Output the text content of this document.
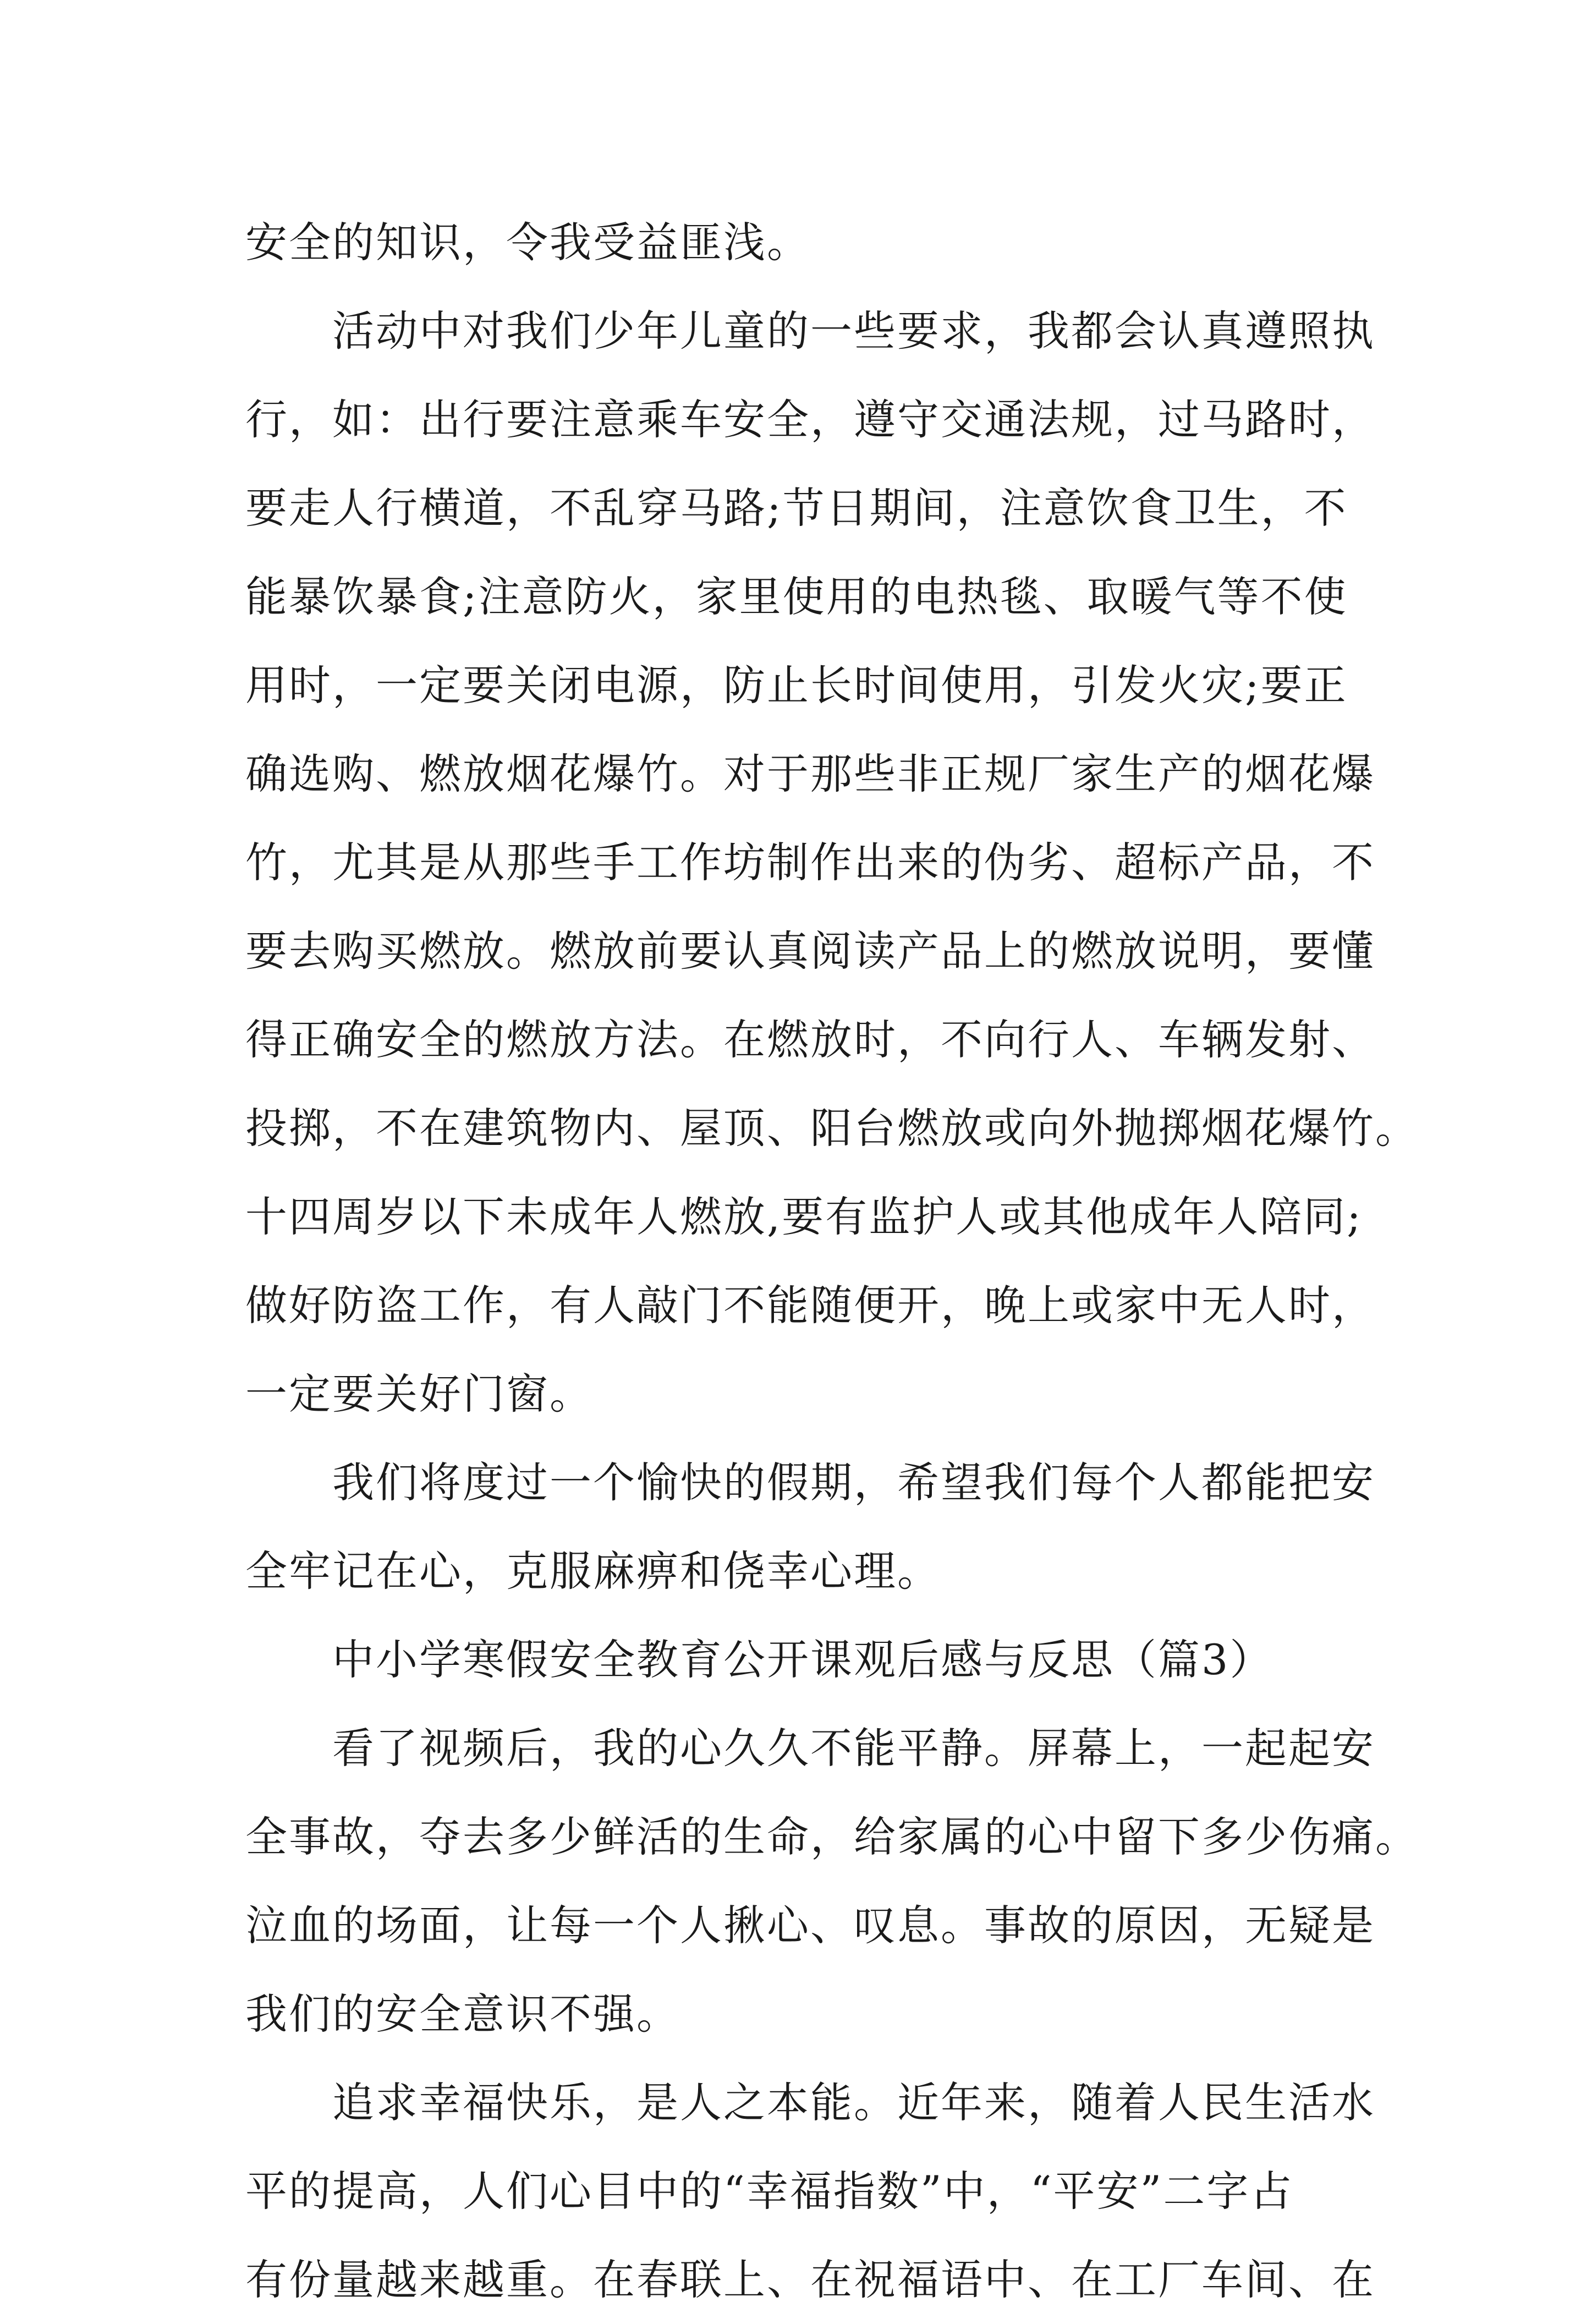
安全的知识，令我受益匪浅。
活动中对我们少年儿童的一些要求，我都会认真遵照执
行，如：出行要注意乘车安全，遵守交通法规，过马路时，
要走人行横道，不乱穿马路;节日期间，注意饮食卫生，不
能暴饮暴食;注意防火，家里使用的电热毯、取暖气等不使
用时，一定要关闭电源，防止长时间使用，引发火灾;要正
确选购、燃放烟花爆竹。对于那些非正规厂家生产的烟花爆
竹，尤其是从那些手工作坊制作出来的伪劣、超标产品，不
要去购买燃放。燃放前要认真阅读产品上的燃放说明，要懂
得正确安全的燃放方法。在燃放时，不向行人、车辆发射、
投掷，不在建筑物内、屋顶、阳台燃放或向外抛掷烟花爆竹。
十四周岁以下未成年人燃放,要有监护人或其他成年人陪同;
做好防盗工作，有人敲门不能随便开，晚上或家中无人时，
一定要关好门窗。
我们将度过一个愉快的假期，希望我们每个人都能把安
全牢记在心，克服麻痹和侥幸心理。
中小学寒假安全教育公开课观后感与反思（篇3）
看了视频后，我的心久久不能平静。屏幕上，一起起安
全事故，夺去多少鲜活的生命，给家属的心中留下多少伤痛。
泣血的场面，让每一个人揪心、叹息。事故的原因，无疑是
我们的安全意识不强。
追求幸福快乐，是人之本能。近年来，随着人民生活水
平的提高，人们心目中的“幸福指数”中，“平安”二字占
有份量越来越重。在春联上、在祝福语中、在工厂车间、在
